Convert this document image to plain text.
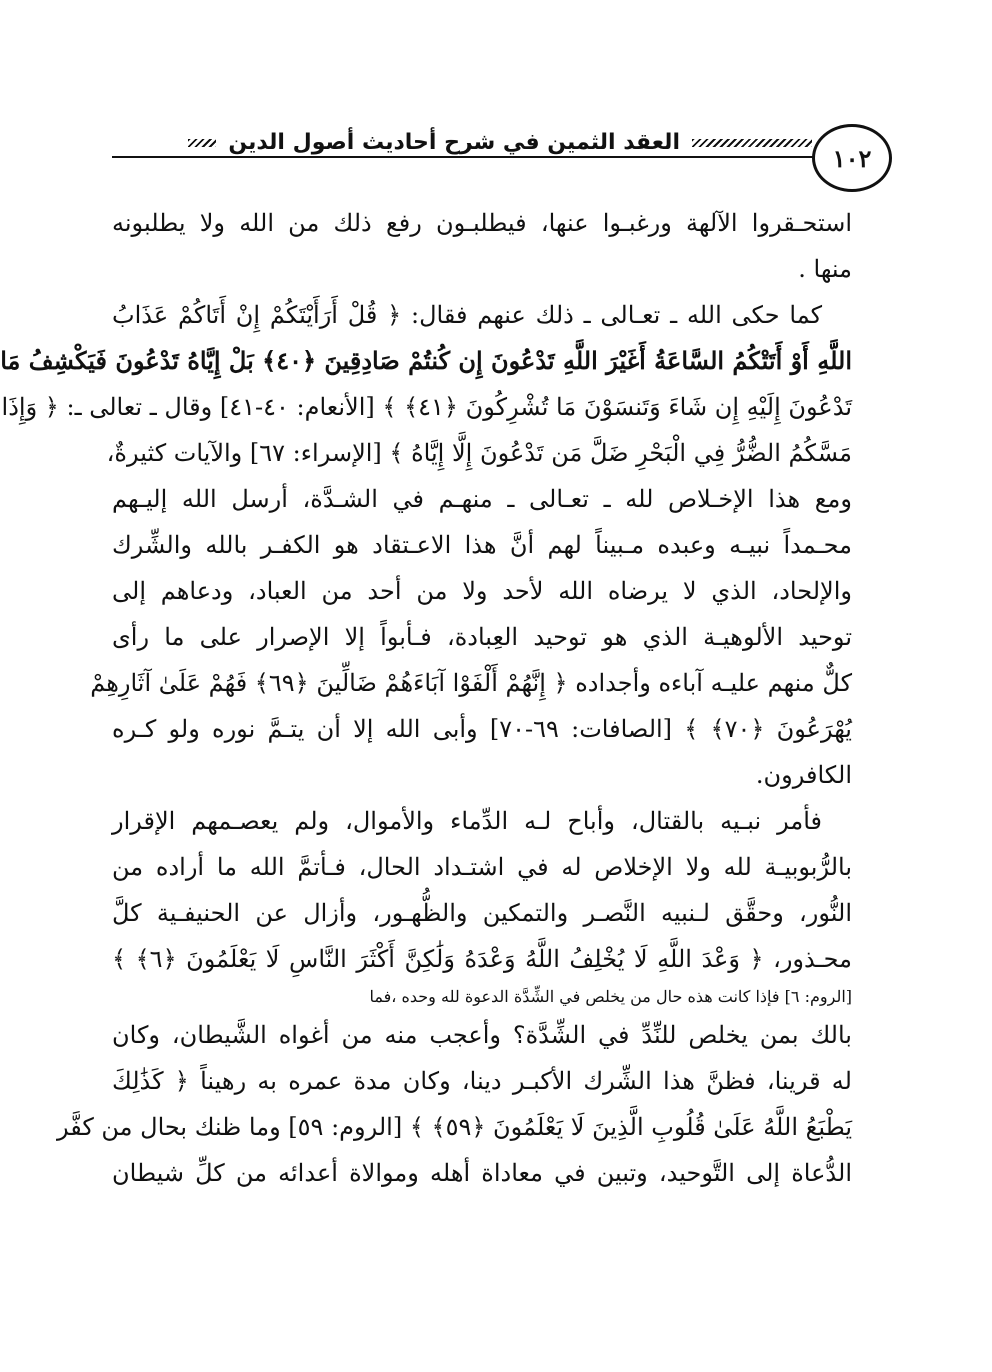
١٠٢
العقد الثمين في شرح أحاديث أصول الدين
استحـقروا الآلهة ورغبـوا عنها، فيطلبـون رفع ذلك من الله ولا يطلبونه
منها .
كما حكى الله ـ تعـالى ـ ذلك عنهم فقال: ﴿ قُلْ أَرَأَيْتَكُمْ إِنْ أَتَاكُمْ عَذَابُ
اللَّهِ أَوْ أَتَتْكُمُ السَّاعَةُ أَغَيْرَ اللَّهِ تَدْعُونَ إِن كُنتُمْ صَادِقِينَ ﴿٤٠﴾ بَلْ إِيَّاهُ تَدْعُونَ فَيَكْشِفُ مَا
تَدْعُونَ إِلَيْهِ إِن شَاءَ وَتَنسَوْنَ مَا تُشْرِكُونَ ﴿٤١﴾ ﴾ [الأنعام: ٤٠-٤١] وقال ـ تعالى ـ: ﴿ وَإِذَا
مَسَّكُمُ الضُّرُّ فِي الْبَحْرِ ضَلَّ مَن تَدْعُونَ إِلَّا إِيَّاهُ ﴾ [الإسراء: ٦٧] والآيات كثيرةٌ،
ومع هذا الإخـلاص لله ـ تعـالى ـ منهـم في الشـدَّة، أرسل الله إليـهم
محـمداً نبيـه وعبده مـبيناً لهم أنَّ هذا الاعـتقاد هو الكفـر بالله والشِّرك
والإلحاد، الذي لا يرضاه الله لأحد ولا من أحد من العباد، ودعاهم إلى
توحيد الألوهيـة الذي هو توحيد العِبادة، فـأبواً إلا الإصرار على ما رأى
كلٌّ منهم عليـه آباءه وأجداده ﴿ إِنَّهُمْ أَلْفَوْا آبَاءَهُمْ ضَالِّينَ ﴿٦٩﴾ فَهُمْ عَلَىٰ آثَارِهِمْ
يُهْرَعُونَ ﴿٧٠﴾ ﴾ [الصافات: ٦٩-٧٠] وأبى الله إلا أن يتـمَّ نوره ولو كـره
الكافرون.
فأمر نبـيه بالقتال، وأباح لـه الدِّماء والأموال، ولم يعصـمهم الإقرار
بالرُّبوبيـة لله ولا الإخلاص له في اشتـداد الحال، فـأتمَّ الله ما أراده من
النُّور، وحقَّق لـنبيه النَّصـر والتمكين والظُّهـور، وأزال عن الحنيفـية كلَّ
محـذور، ﴿ وَعْدَ اللَّهِ لَا يُخْلِفُ اللَّهُ وَعْدَهُ وَلَٰكِنَّ أَكْثَرَ النَّاسِ لَا يَعْلَمُونَ ﴿٦﴾ ﴾
[الروم: ٦] فإذا كانت هذه حال من يخلص في الشِّدَّة الدعوة لله وحده ،فما
بالك بمن يخلص للنِّدِّ في الشِّدَّة؟ وأعجب منه من أغواه الشَّيطان، وكان
له قرينا، فظنَّ هذا الشِّرك الأكبـر دينا، وكان مدة عمره به رهيناً ﴿ كَذَٰلِكَ
يَطْبَعُ اللَّهُ عَلَىٰ قُلُوبِ الَّذِينَ لَا يَعْلَمُونَ ﴿٥٩﴾ ﴾ [الروم: ٥٩] وما ظنك بحال من كفَّر
الدُّعاة إلى التَّوحيد، وتبين في معاداة أهله وموالاة أعدائه من كلِّ شيطان
